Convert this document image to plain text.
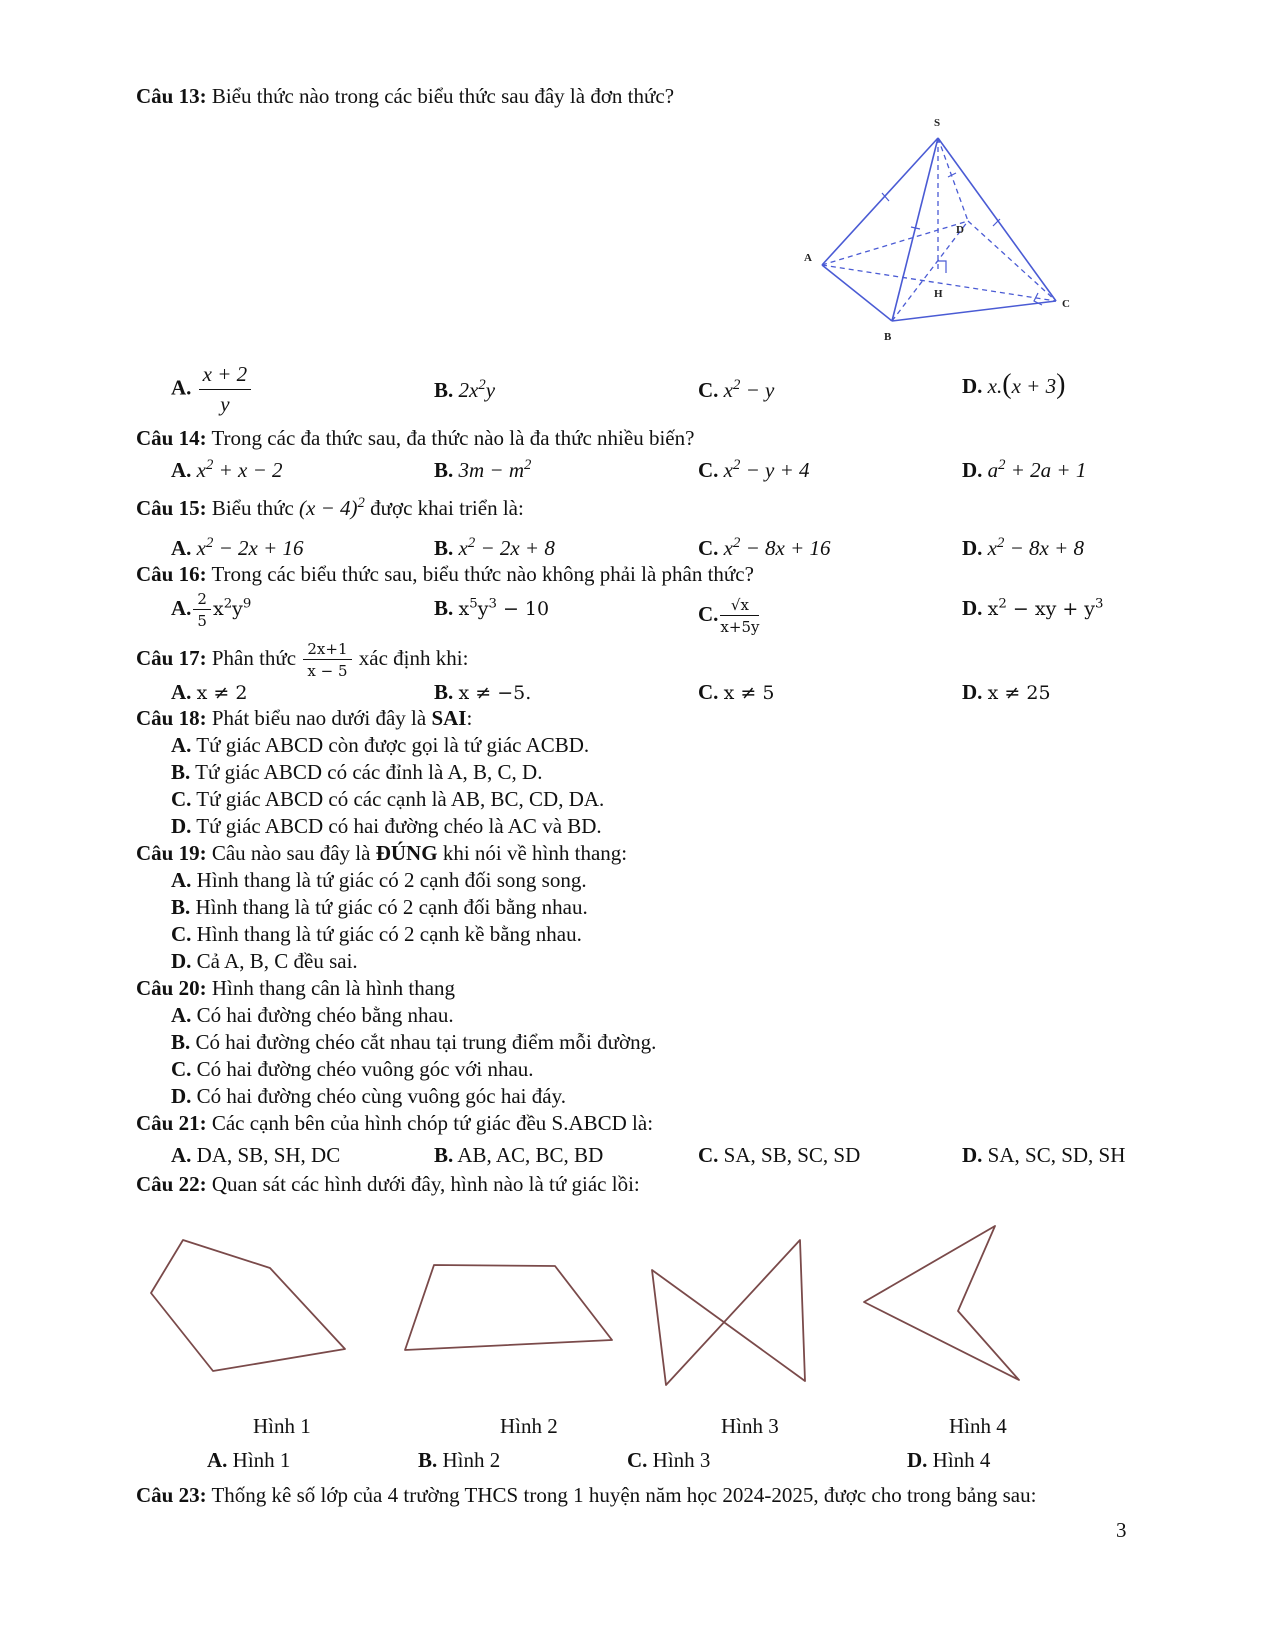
Câu 13: Biểu thức nào trong các biểu thức sau đây là đơn thức?
S
A
B
C
D
H
A. $\frac{x + 2}{y}$	B. $2x^2y$	C. $x^2 - y$	D. x.(x + 3)
Câu 14: Trong các đa thức sau, đa thức nào là đa thức nhiều biến?
A. $x^2 + x - 2$	B. $3m - m^2$	C. $x^2 - y + 4$	D. $a^2 + 2a + 1$
Câu 15: Biểu thức $(x - 4)^2$ được khai triển là:
A. $x^2 - 2x + 16$	B. $x^2 - 2x + 8$	C. $x^2 - 8x + 16$	D. $x^2 - 8x + 8$
Câu 16: Trong các biểu thức sau, biểu thức nào không phải là phân thức?
A. $\frac{2}{5} x^2y^9$	B. $x^5y^3 - 10$	C. $\frac{√x}{x+5y}$	D. $x^2$ − xy + $y^3$
Câu 17: Phân thức $\frac{2x+1}{x - 5}$ xác định khi:
A. x ≠ 2	B. x ≠ −5.	C. x ≠ 5	D. x ≠ 25
Câu 18: Phát biểu nao dưới đây là SAI:
A. Tứ giác ABCD còn được gọi là tứ giác ACBD.
B. Tứ giác ABCD có các đỉnh là A, B, C, D.
C. Tứ giác ABCD có các cạnh là AB, BC, CD, DA.
D. Tứ giác ABCD có hai đường chéo là AC và BD.
Câu 19: Câu nào sau đây là ĐÚNG khi nói về hình thang:
A. Hình thang là tứ giác có 2 cạnh đối song song.
B. Hình thang là tứ giác có 2 cạnh đối bằng nhau.
C. Hình thang là tứ giác có 2 cạnh kề bằng nhau.
D. Cả A, B, C đều sai.
Câu 20: Hình thang cân là hình thang
A. Có hai đường chéo bằng nhau.
B. Có hai đường chéo cắt nhau tại trung điểm mỗi đường.
C. Có hai đường chéo vuông góc với nhau.
D. Có hai đường chéo cùng vuông góc hai đáy.
Câu 21: Các cạnh bên của hình chóp tứ giác đều S.ABCD là:
A. DA, SB, SH, DC	B. AB, AC, BC, BD	C. SA, SB, SC, SD	D. SA, SC, SD, SH
Câu 22: Quan sát các hình dưới đây, hình nào là tứ giác lồi:
Hình 1	Hình 2	Hình 3	Hình 4
A. Hình 1	B. Hình 2	C. Hình 3	D. Hình 4
Câu 23: Thống kê số lớp của 4 trường THCS trong 1 huyện năm học 2024-2025, được cho trong bảng sau:
3
